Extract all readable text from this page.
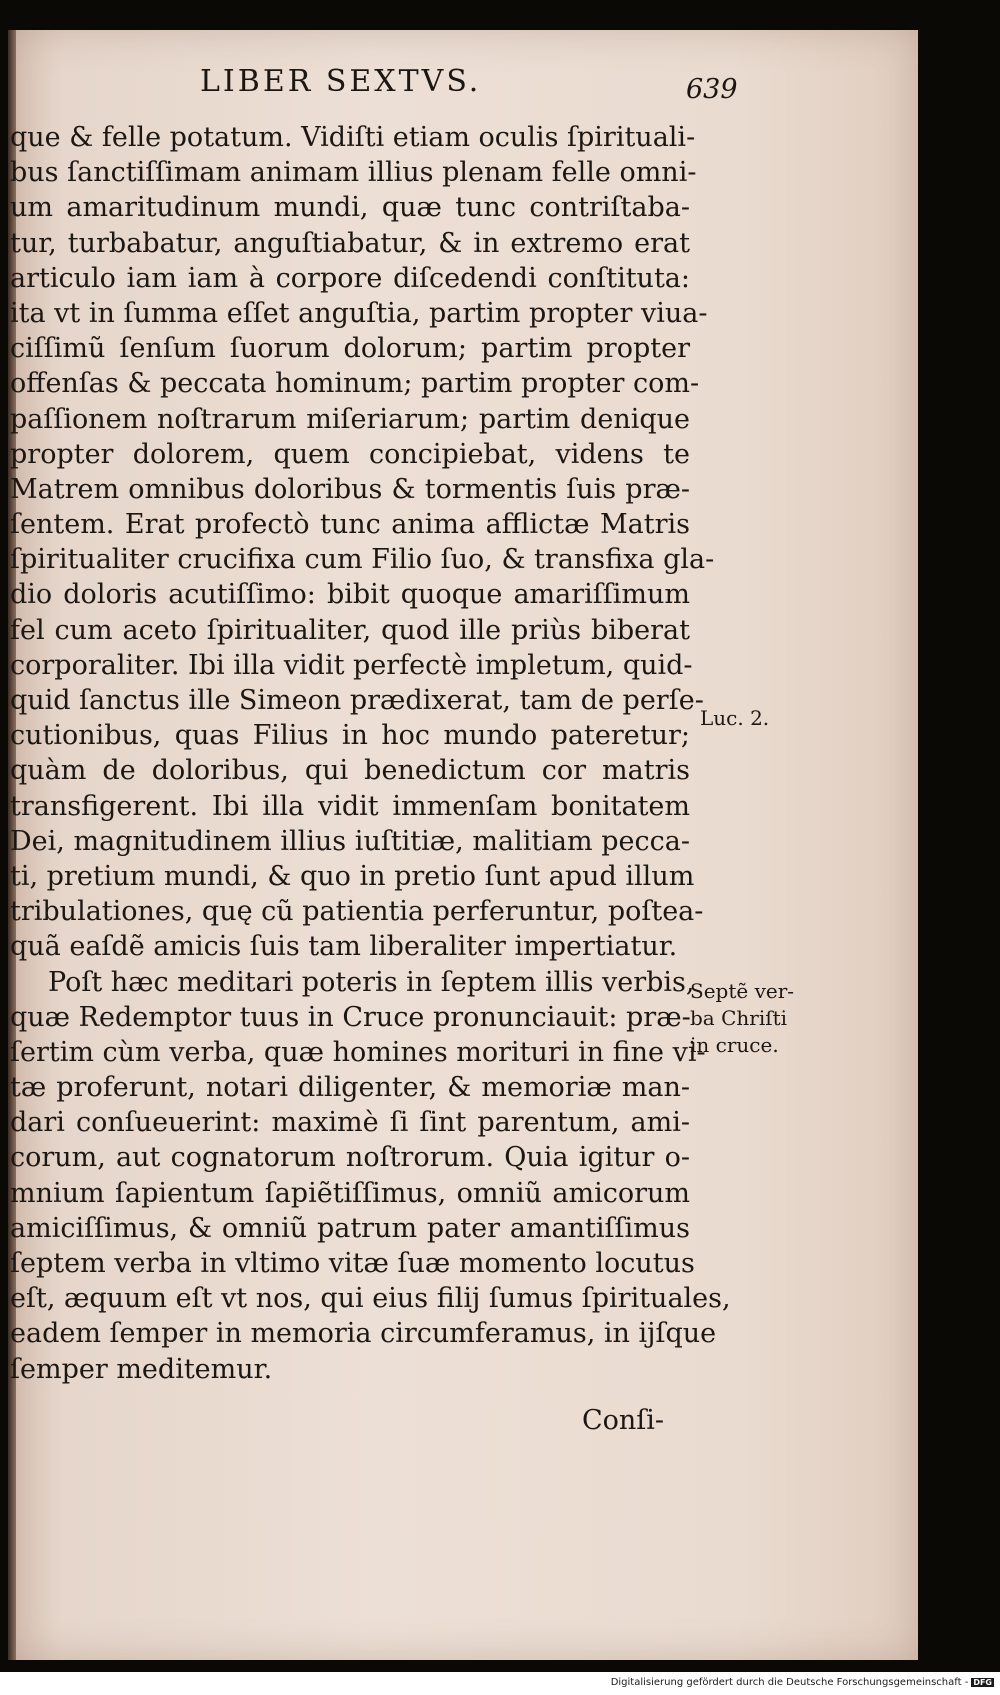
LIBER SEXTVS.	639
que & felle potatum. Vidiſti etiam oculis ſpirituali-
bus ſanctiſſimam animam illius plenam felle omni-
um amaritudinum mundi, quæ tunc contriſtaba-
tur, turbabatur, anguſtiabatur, & in extremo erat
articulo iam iam à corpore diſcedendi conſtituta:
ita vt in ſumma eſſet anguſtia, partim propter viua-
ciſſimũ ſenſum ſuorum dolorum; partim propter
offenſas & peccata hominum; partim propter com-
paſſionem noſtrarum miſeriarum; partim denique
propter dolorem, quem concipiebat, videns te
Matrem omnibus doloribus & tormentis ſuis præ-
ſentem. Erat profectò tunc anima afflictæ Matris
ſpiritualiter crucifixa cum Filio ſuo, & transfixa gla-
dio doloris acutiſſimo: bibit quoque amariſſimum
fel cum aceto ſpiritualiter, quod ille priùs biberat
corporaliter. Ibi illa vidit perfectè impletum, quid-
quid ſanctus ille Simeon prædixerat, tam de perſe-
cutionibus, quas Filius in hoc mundo pateretur;
quàm de doloribus, qui benedictum cor matris
transfigerent. Ibi illa vidit immenſam bonitatem
Dei, magnitudinem illius iuſtitiæ, malitiam pecca-
ti, pretium mundi, & quo in pretio ſunt apud illum
tribulationes, quę cũ patientia perferuntur, poſtea-
quã eaſdẽ amicis ſuis tam liberaliter impertiatur.
Poſt hæc meditari poteris in ſeptem illis verbis,
quæ Redemptor tuus in Cruce pronunciauit: præ-
ſertim cùm verba, quæ homines morituri in fine vi-
tæ proferunt, notari diligenter, & memoriæ man-
dari conſueuerint: maximè ſi ſint parentum, ami-
corum, aut cognatorum noſtrorum. Quia igitur o-
mnium ſapientum ſapiẽtiſſimus, omniũ amicorum
amiciſſimus, & omniũ patrum pater amantiſſimus
ſeptem verba in vltimo vitæ ſuæ momento locutus
eſt, æquum eſt vt nos, qui eius filij ſumus ſpirituales,
eadem ſemper in memoria circumferamus, in ijſque
ſemper meditemur.
Conſi-
Luc. 2.
Septẽ ver-
ba Chriſti
in cruce.
Digitalisierung gefördert durch die Deutsche Forschungsgemeinschaft - DFG
